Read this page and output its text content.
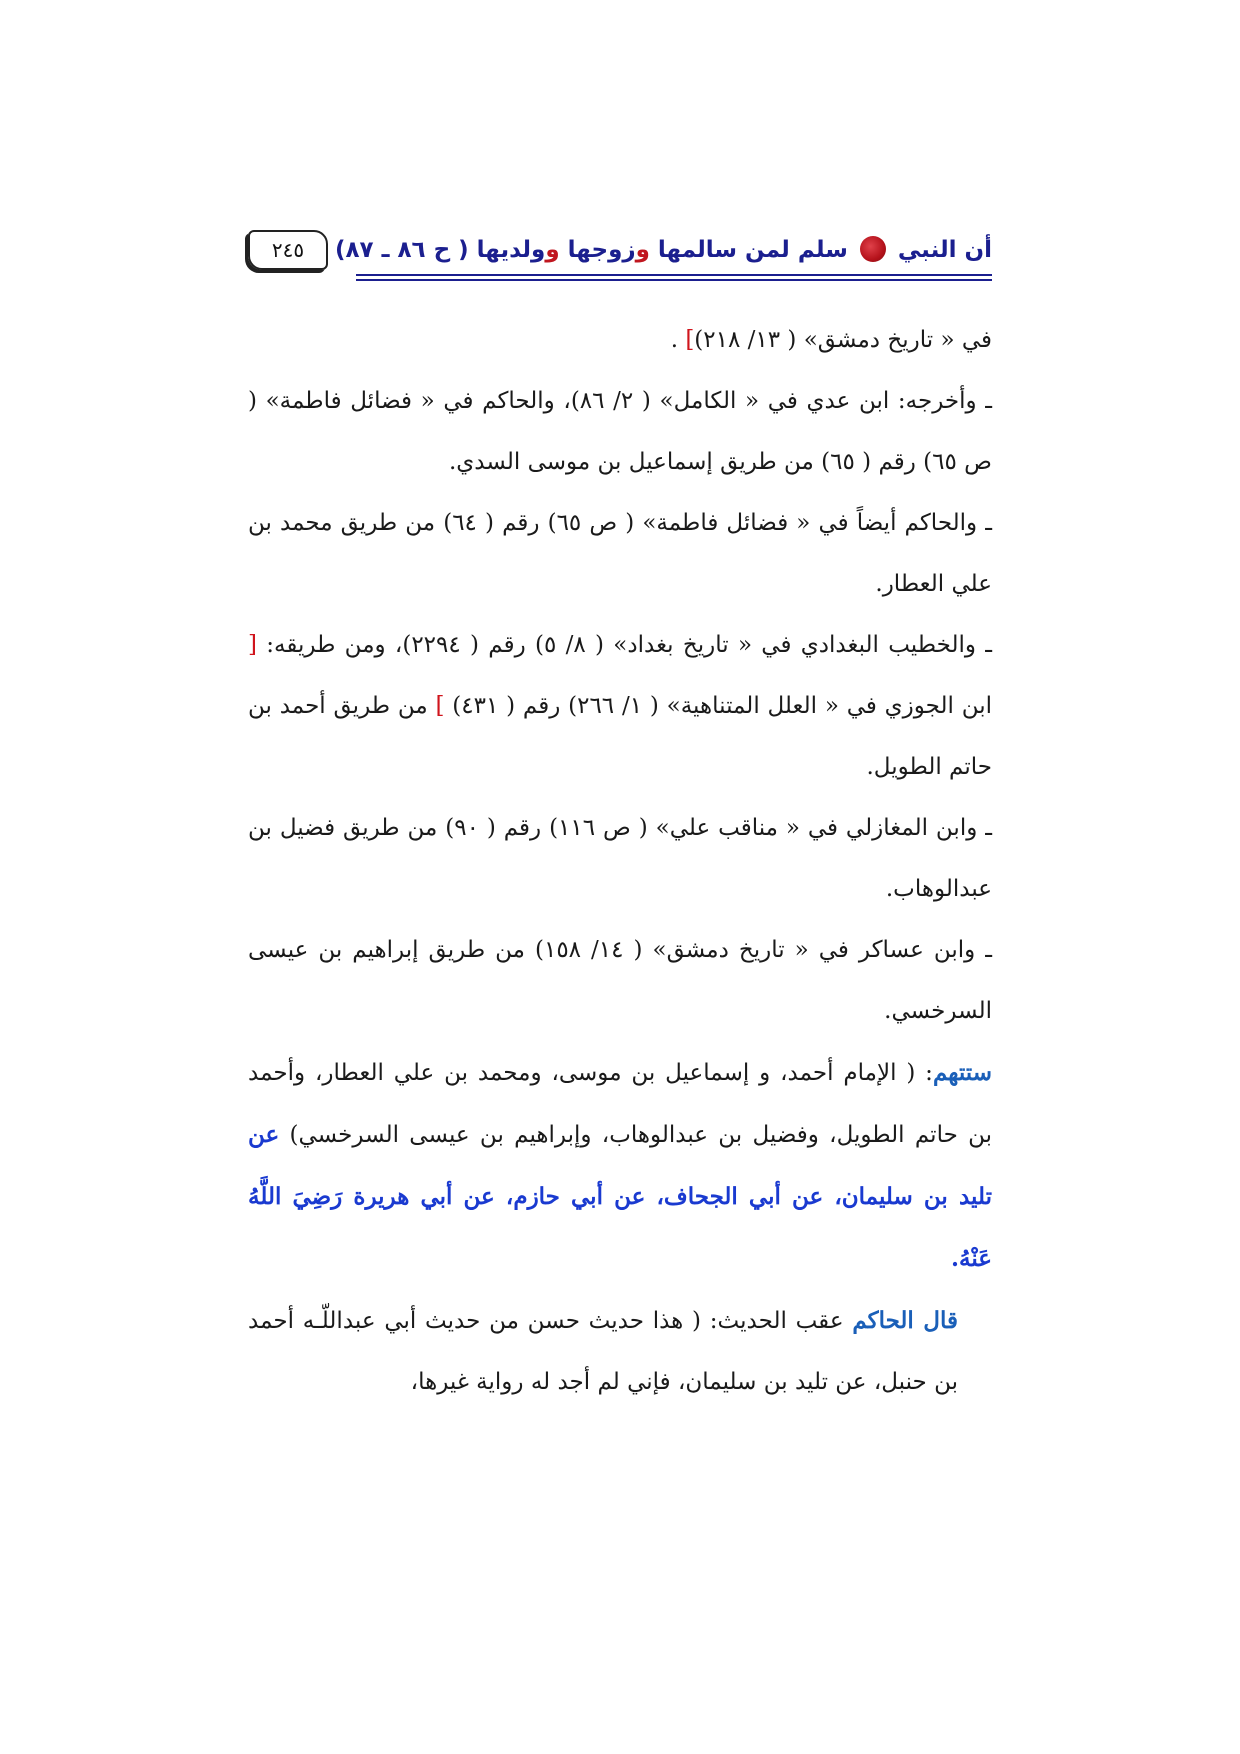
أن النبي  سلم لمن سالمها وزوجها وولديها ( ح ٨٦ ـ ٨٧)
٢٤٥

في « تاريخ دمشق» ( ١٣/ ٢١٨)] .

ـ وأخرجه: ابن عدي في « الكامل» ( ٢/ ٨٦)، والحاكم في « فضائل فاطمة» ( ص ٦٥) رقم ( ٦٥) من طريق إسماعيل بن موسى السدي.

ـ والحاكم أيضاً في « فضائل فاطمة» ( ص ٦٥) رقم ( ٦٤) من طريق محمد بن علي العطار.

ـ والخطيب البغدادي في « تاريخ بغداد» ( ٨/ ٥) رقم ( ٢٢٩٤)، ومن طريقه: [ ابن الجوزي في « العلل المتناهية» ( ١/ ٢٦٦) رقم ( ٤٣١) ] من طريق أحمد بن حاتم الطويل.

ـ وابن المغازلي في « مناقب علي» ( ص ١١٦) رقم ( ٩٠) من طريق فضيل بن عبدالوهاب.

ـ وابن عساكر في « تاريخ دمشق» ( ١٤/ ١٥٨) من طريق إبراهيم بن عيسى السرخسي.

ستتهم: ( الإمام أحمد، و إسماعيل بن موسى، ومحمد بن علي العطار، وأحمد بن حاتم الطويل، وفضيل بن عبدالوهاب، وإبراهيم بن عيسى السرخسي) عن تليد بن سليمان، عن أبي الجحاف، عن أبي حازم، عن أبي هريرة رَضِيَ اللَّهُ عَنْهُ.

قال الحاكم عقب الحديث: ( هذا حديث حسن من حديث أبي عبداللّـه أحمد بن حنبل، عن تليد بن سليمان، فإني لم أجد له رواية غيرها،
